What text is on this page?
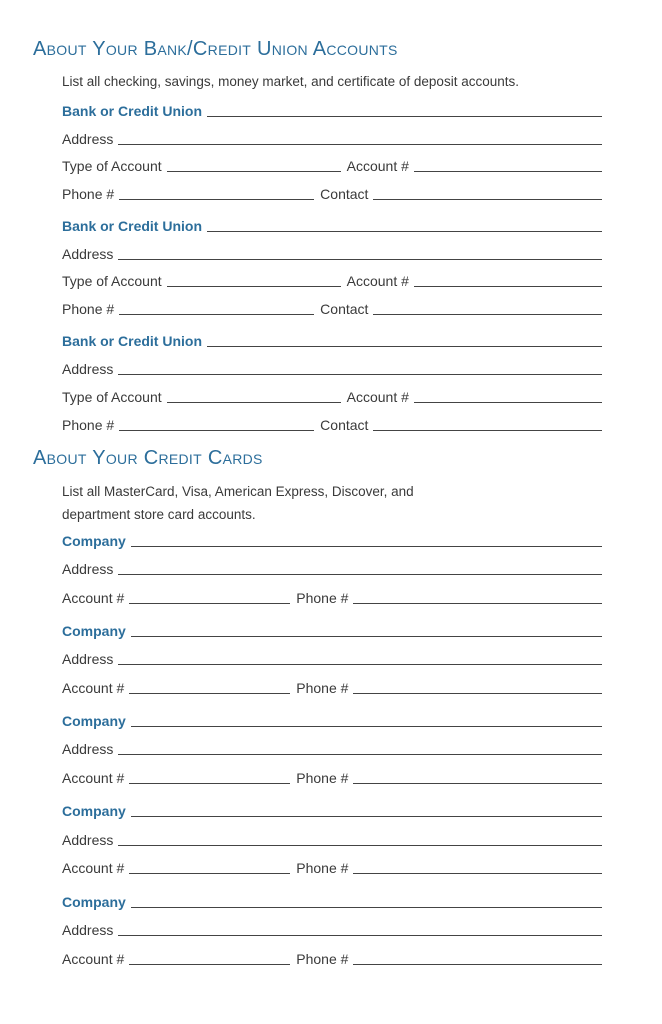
About Your Bank/Credit Union Accounts
List all checking, savings, money market, and certificate of deposit accounts.
Bank or Credit Union
Address
Type of Account	Account #
Phone #	Contact
Bank or Credit Union
Address
Type of Account	Account #
Phone #	Contact
Bank or Credit Union
Address
Type of Account	Account #
Phone #	Contact
About Your Credit Cards
List all MasterCard, Visa, American Express, Discover, and
department store card accounts.
Company
Address
Account #	Phone #
Company
Address
Account #	Phone #
Company
Address
Account #	Phone #
Company
Address
Account #	Phone #
Company
Address
Account #	Phone #
